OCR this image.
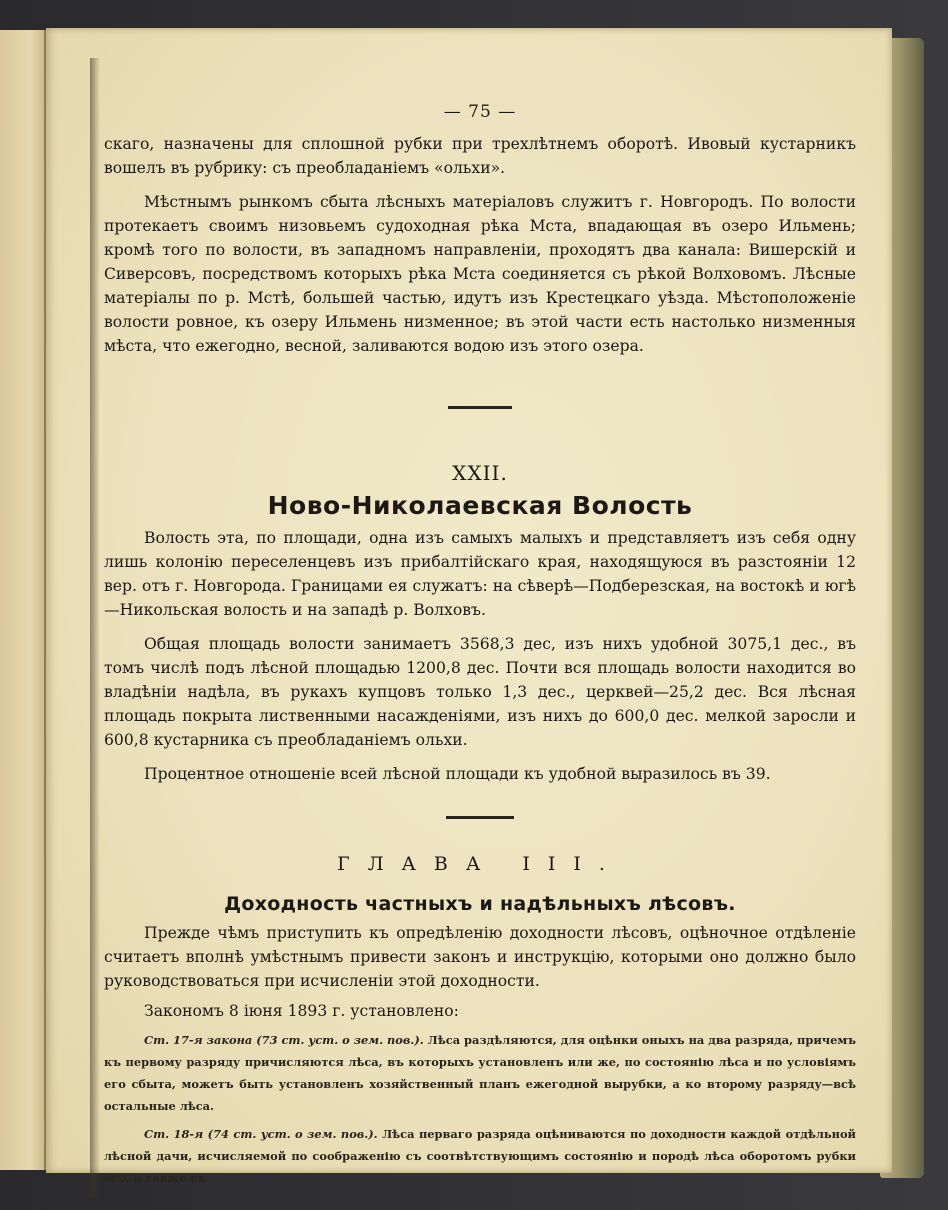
— 75 —

скаго, назначены для сплошной рубки при трехлѣтнемъ оборотѣ. Ивовый кустарникъ вошелъ въ рубрику: съ преобладаніемъ «ольхи».

Мѣстнымъ рынкомъ сбыта лѣсныхъ матеріаловъ служитъ г. Новгородъ. По волости протекаетъ своимъ низовьемъ судоходная рѣка Мста, впадающая въ озеро Ильмень; кромѣ того по волости, въ западномъ направленіи, проходятъ два канала: Вишерскій и Сиверсовъ, посредствомъ которыхъ рѣка Мста соединяется съ рѣкой Волховомъ. Лѣсные матеріалы по р. Мстѣ, большей частью, идутъ изъ Крестецкаго уѣзда. Мѣстоположеніе волости ровное, къ озеру Ильмень низменное; въ этой части есть настолько низменныя мѣста, что ежегодно, весной, заливаются водою изъ этого озера.

XXII.
Ново-Николаевская Волость

Волость эта, по площади, одна изъ самыхъ малыхъ и представляетъ изъ себя одну лишь колонію переселенцевъ изъ прибалтійскаго края, находящуюся въ разстояніи 12 вер. отъ г. Новгорода. Границами ея служатъ: на сѣверѣ—Подберезская, на востокѣ и югѣ—Никольская волость и на западѣ р. Волховъ.

Общая площадь волости занимаетъ 3568,3 дес, изъ нихъ удобной 3075,1 дес., въ томъ числѣ подъ лѣсной площадью 1200,8 дес. Почти вся площадь волости находится во владѣніи надѣла, въ рукахъ купцовъ только 1,3 дес., церквей—25,2 дес. Вся лѣсная площадь покрыта лиственными насажденіями, изъ нихъ до 600,0 дес. мелкой заросли и 600,8 кустарника съ преобладаніемъ ольхи.

Процентное отношеніе всей лѣсной площади къ удобной выразилось въ 39.

ГЛАВА III.
Доходность частныхъ и надѣльныхъ лѣсовъ.

Прежде чѣмъ приступить къ опредѣленію доходности лѣсовъ, оцѣночное отдѣленіе считаетъ вполнѣ умѣстнымъ привести законъ и инструкцію, которыми оно должно было руководствоваться при исчисленіи этой доходности.

Закономъ 8 іюня 1893 г. установлено:

Ст. 17-я закона (73 ст. уст. о зем. пов.). Лѣса раздѣляются, для оцѣнки оныхъ на два разряда, причемъ къ первому разряду причисляются лѣса, въ которыхъ установленъ или же, по состоянію лѣса и по условіямъ его сбыта, можетъ быть установленъ хозяйственный планъ ежегодной вырубки, а ко второму разряду—всѣ остальные лѣса.

Ст. 18-я (74 ст. уст. о зем. пов.). Лѣса перваго разряда оцѣниваются по доходности каждой отдѣльной лѣсной дачи, исчисляемой по соображенію съ соотвѣтствующимъ состоянію и породѣ лѣса оборотомъ рубки его, а также съ
